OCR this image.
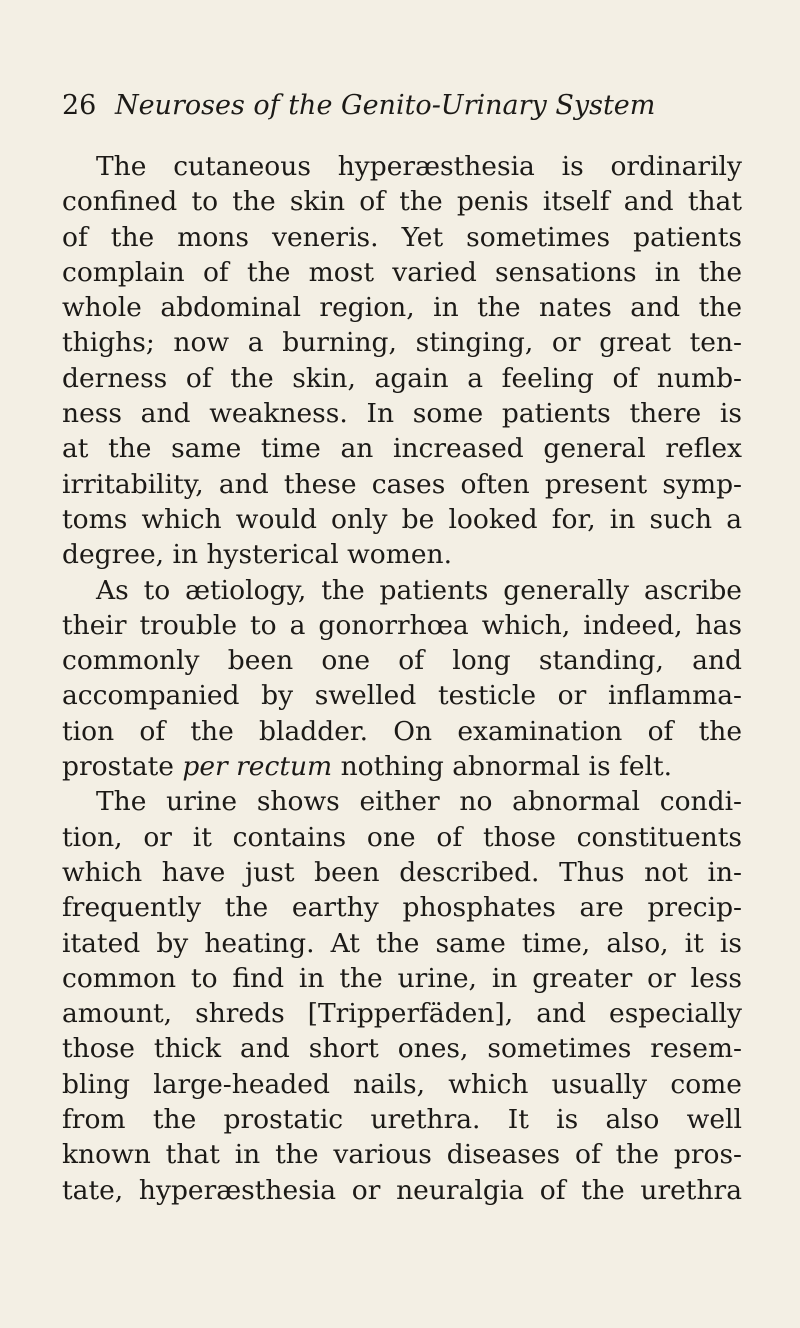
26 Neuroses of the Genito-Urinary System
The cutaneous hyperæsthesia is ordinarily
confined to the skin of the penis itself and that
of the mons veneris. Yet sometimes patients
complain of the most varied sensations in the
whole abdominal region, in the nates and the
thighs; now a burning, stinging, or great ten-
derness of the skin, again a feeling of numb-
ness and weakness. In some patients there is
at the same time an increased general reflex
irritability, and these cases often present symp-
toms which would only be looked for, in such a
degree, in hysterical women.
As to ætiology, the patients generally ascribe
their trouble to a gonorrhœa which, indeed, has
commonly been one of long standing, and
accompanied by swelled testicle or inflamma-
tion of the bladder. On examination of the
prostate per rectum nothing abnormal is felt.
The urine shows either no abnormal condi-
tion, or it contains one of those constituents
which have just been described. Thus not in-
frequently the earthy phosphates are precip-
itated by heating. At the same time, also, it is
common to find in the urine, in greater or less
amount, shreds [Tripperfäden], and especially
those thick and short ones, sometimes resem-
bling large-headed nails, which usually come
from the prostatic urethra. It is also well
known that in the various diseases of the pros-
tate, hyperæsthesia or neuralgia of the urethra
